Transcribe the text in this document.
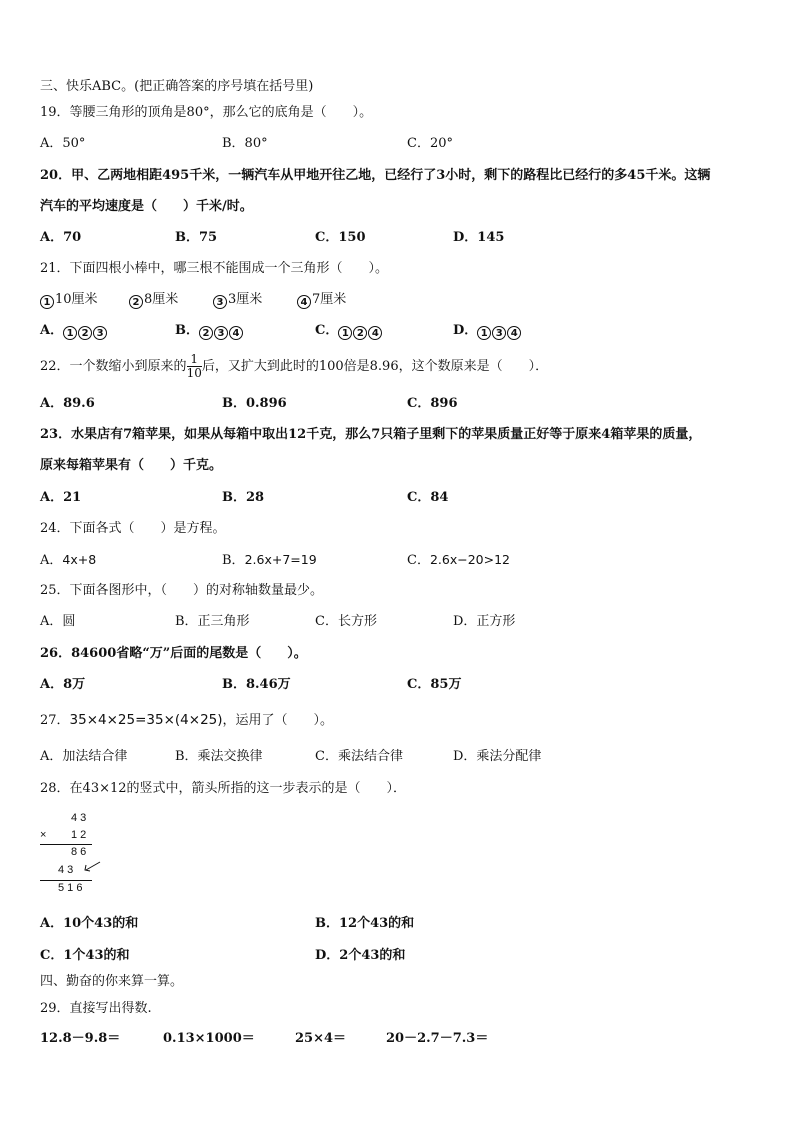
三、快乐ABC。(把正确答案的序号填在括号里)
19．等腰三角形的顶角是80°，那么它的底角是（　　）。
A．50°	B．80°	C．20°
20．甲、乙两地相距495千米，一辆汽车从甲地开往乙地，已经行了3小时，剩下的路程比已经行的多45千米。这辆
汽车的平均速度是（　　）千米/时。
A．70	B．75	C．150	D．145
21．下面四根小棒中，哪三根不能围成一个三角形（　　）。
1 10厘米	2 8厘米	3 3厘米	4 7厘米
A． 1 2 3	B． 2 3 4	C． 1 2 4	D． 1 3 4
22．一个数缩小到原来的 $\frac{1}{10}$ 后，又扩大到此时的100倍是8.96，这个数原来是（　　）．
A．89.6	B．0.896	C．896
23．水果店有7箱苹果，如果从每箱中取出12千克，那么7只箱子里剩下的苹果质量正好等于原来4箱苹果的质量，
原来每箱苹果有（　　）千克。
A．21	B．28	C．84
24．下面各式（　　）是方程。
A．4x+8	B．2.6x+7=19	C．2.6x−20>12
25．下面各图形中，（　　）的对称轴数量最少。
A．圆	B．正三角形	C．长方形	D．正方形
26．84600省略“万”后面的尾数是（　　）。
A．8万	B．8.46万	C．85万
27．35×4×25=35×(4×25)，运用了（　　）。
A．加法结合律	B．乘法交换律	C．乘法结合律	D．乘法分配律
28．在43×12的竖式中，箭头所指的这一步表示的是（　　）．
4 3
× 1 2
8 6
4 3
5 1 6
A．10个43的和	B．12个43的和
C．1个43的和	D．2个43的和
四、勤奋的你来算一算。
29．直接写出得数.
12.8－9.8＝	0.13×1000＝	25×4＝	20－2.7－7.3＝
